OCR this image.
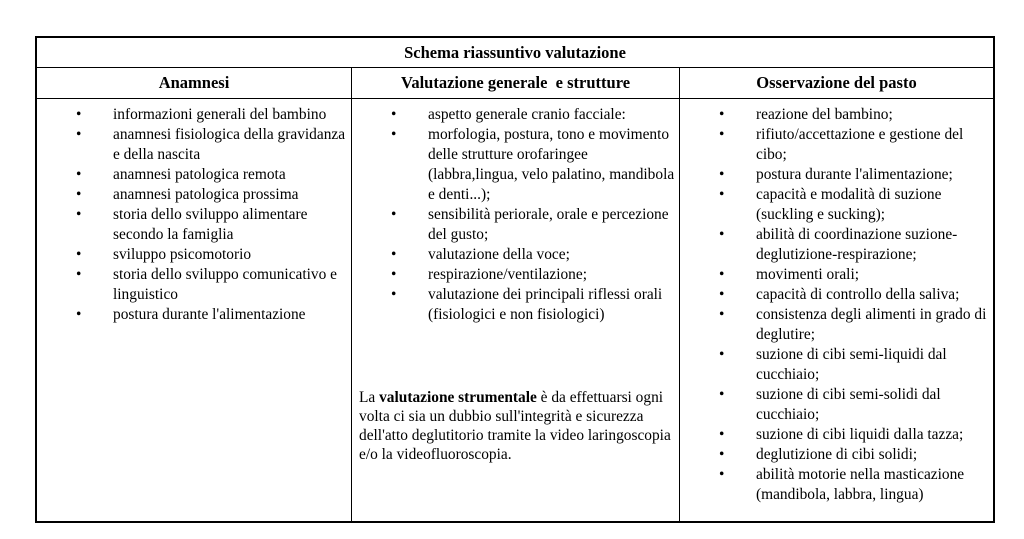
Schema riassuntivo valutazione
Anamnesi	Valutazione generale  e strutture	Osservazione del pasto
• informazioni generali del bambino
• anamnesi fisiologica della gravidanza e della nascita
• anamnesi patologica remota
• anamnesi patologica prossima
• storia dello sviluppo alimentare secondo la famiglia
• sviluppo psicomotorio
• storia dello sviluppo comunicativo e linguistico
• postura durante l'alimentazione
• aspetto generale cranio facciale:
• morfologia, postura, tono e movimento delle strutture orofaringee (labbra,lingua, velo palatino, mandibola e denti...);
• sensibilità periorale, orale e percezione del gusto;
• valutazione della voce;
• respirazione/ventilazione;
• valutazione dei principali riflessi orali (fisiologici e non fisiologici)

La valutazione strumentale è da effettuarsi ogni volta ci sia un dubbio sull'integrità e sicurezza dell'atto deglutitorio tramite la video laringoscopia e/o la videofluoroscopia.

• reazione del bambino;
• rifiuto/accettazione e gestione del cibo;
• postura durante l'alimentazione;
• capacità e modalità di suzione (suckling e sucking);
• abilità di coordinazione suzione-deglutizione-respirazione;
• movimenti orali;
• capacità di controllo della saliva;
• consistenza degli alimenti in grado di deglutire;
• suzione di cibi semi-liquidi dal cucchiaio;
• suzione di cibi semi-solidi dal cucchiaio;
• suzione di cibi liquidi dalla tazza;
• deglutizione di cibi solidi;
• abilità motorie nella masticazione (mandibola, labbra, lingua)
